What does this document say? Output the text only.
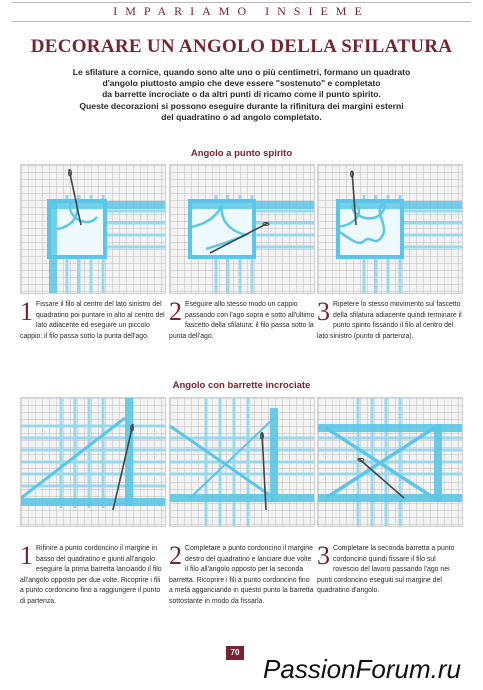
IMPARIAMO INSIEME
DECORARE UN ANGOLO DELLA SFILATURA

Le sfilature a cornice, quando sono alte uno o più centimetri, formano un quadrato

d'angolo piuttosto ampio che deve essere "sostenuto" e completato

da barrette incrociate o da altri punti di ricamo come il punto spirito.

Queste decorazioni si possono eseguire durante la rifinitura dei margini esterni

del quadratino o ad angolo completato.

Angolo a punto spirito
1 Fissare il filo al centro del lato sinistro del quadratino poi puntare in alto al centro del lato adiacente ed eseguire un piccolo cappio: il filo passa sotto la punta dell'ago.
2 Eseguire allo stesso modo un cappio passando con l'ago sopra e sotto all'ultimo fascetto della sfilatura: il filo passa sotto la punta dell'ago.
3 Ripetere lo stesso movimento sul fascetto della sfilatura adiacente quindi terminare il punto spirito fissando il filo al centro del lato sinistro (punto di partenza).
Angolo con barrette incrociate
1 Rifinire a punto cordoncino il margine in basso del quadratino e giunti all'angolo eseguire la prima barretta lanciando il filo all'angolo opposto per due volte. Ricoprire i fili a punto cordoncino fino a raggiungere il punto di partenza.
2 Completare a punto cordoncino il margine destro del quadratino e lanciare due volte il filo all'angolo opposto per la seconda barretta. Ricoprire i fili a punto cordoncino fino a metà agganciando in questo punto la barretta sottostante in modo da fissarla.
3 Completare la seconda barretta a punto cordoncino quindi fissare il filo sul rovescio del lavoro passando l'ago nei punti cordoncino eseguiti sul margine del quadratino d'angolo.
70
PassionForum.ru
